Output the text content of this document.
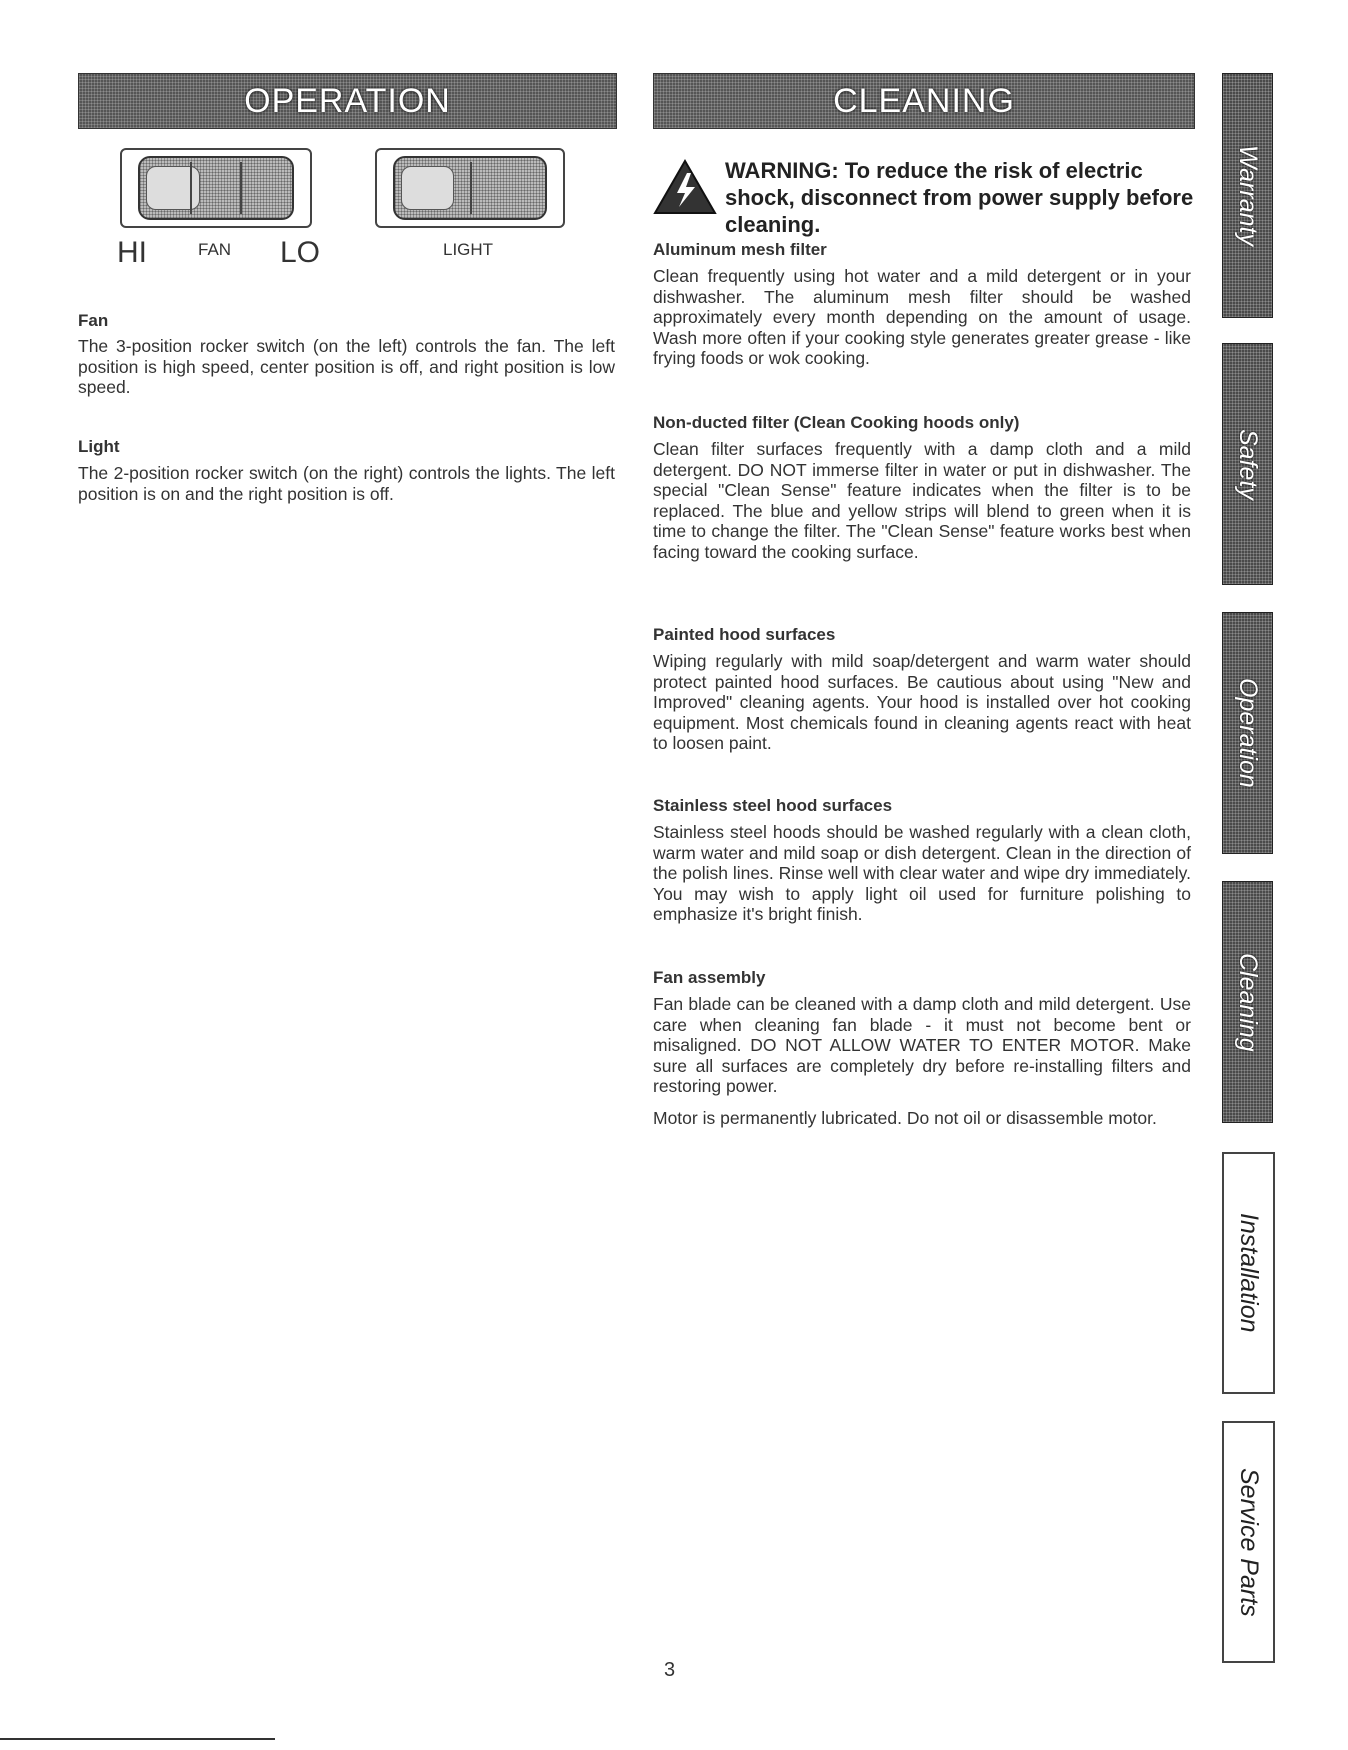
OPERATION
HI	FAN LO	LIGHT
Fan
The 3-position rocker switch (on the left) controls the fan. The left position is high speed, center position is off, and right position is low speed.
Light
The 2-position rocker switch (on the right) controls the lights. The left position is on and the right position is off.
CLEANING
WARNING: To reduce the risk of electric shock, disconnect from power supply before cleaning.
Aluminum mesh filter
Clean frequently using hot water and a mild detergent or in your dishwasher. The aluminum mesh filter should be washed approximately every month depending on the amount of usage. Wash more often if your cooking style generates greater grease - like frying foods or wok cooking.
Non-ducted filter (Clean Cooking hoods only)
Clean filter surfaces frequently with a damp cloth and a mild detergent. DO NOT immerse filter in water or put in dishwasher. The special "Clean Sense" feature indicates when the filter is to be replaced. The blue and yellow strips will blend to green when it is time to change the filter. The "Clean Sense" feature works best when facing toward the cooking surface.
Painted hood surfaces
Wiping regularly with mild soap/detergent and warm water should protect painted hood surfaces. Be cautious about using "New and Improved" cleaning agents. Your hood is installed over hot cooking equipment. Most chemicals found in cleaning agents react with heat to loosen paint.
Stainless steel hood surfaces
Stainless steel hoods should be washed regularly with a clean cloth, warm water and mild soap or dish detergent. Clean in the direction of the polish lines. Rinse well with clear water and wipe dry immediately. You may wish to apply light oil used for furniture polishing to emphasize it's bright finish.
Fan assembly
Fan blade can be cleaned with a damp cloth and mild detergent. Use care when cleaning fan blade - it must not become bent or misaligned. DO NOT ALLOW WATER TO ENTER MOTOR. Make sure all surfaces are completely dry before re-installing filters and restoring power.
Motor is permanently lubricated. Do not oil or disassemble motor.
Warranty
Safety
Operation
Cleaning
Installation
Service Parts
3
